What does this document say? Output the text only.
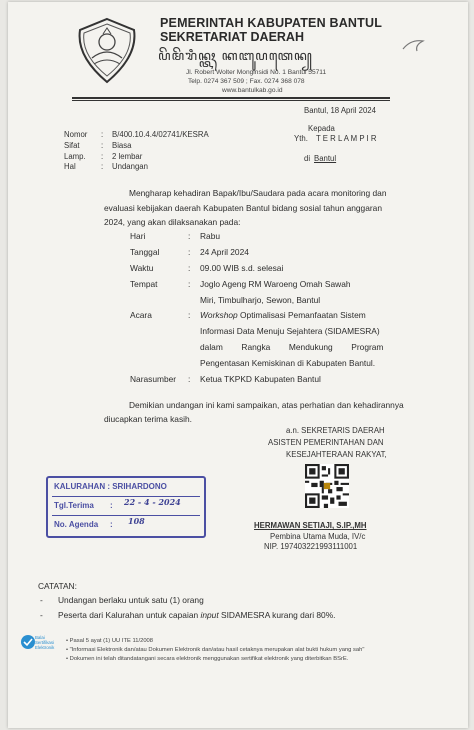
PEMERINTAH KABUPATEN BANTUL
SEKRETARIAT DAERAH
ꦥꦼꦩꦼꦫꦶꦤ꧀ꦠꦃ ꦏꦧꦸꦥꦠꦺꦤ꧀
Jl. Robert Wolter Monginsidi No. 1 Bantul 55711
Telp. 0274 367 509 ; Fax. 0274 368 078
www.bantulkab.go.id
Bantul, 18 April 2024
Kepada
Yth. T E R L A M P I R
di Bantul
Nomor : B/400.10.4.4/02741/KESRA
Sifat	: Biasa
Lamp. : 2 lembar
Hal	: Undangan
Mengharap kehadiran Bapak/Ibu/Saudara pada acara monitoring dan
evaluasi kebijakan daerah Kabupaten Bantul bidang sosial tahun anggaran
2024, yang akan dilaksanakan pada:
Hari	: Rabu
Tanggal	: 24 April 2024
Waktu	: 09.00 WIB s.d. selesai
Tempat	: Joglo Ageng RM Waroeng Omah Sawah
Miri, Timbulharjo, Sewon, Bantul
Acara	: Workshop Optimalisasi Pemanfaatan Sistem
Informasi Data Menuju Sejahtera (SIDAMESRA)
dalam        Rangka        Mendukung        Program
Pengentasan Kemiskinan di Kabupaten Bantul.
Narasumber : Ketua TKPKD Kabupaten Bantul
Demikian undangan ini kami sampaikan, atas perhatian dan kehadirannya
diucapkan terima kasih.
a.n. SEKRETARIS DAERAH
ASISTEN PEMERINTAHAN DAN
KESEJAHTERAAN RAKYAT,
HERMAWAN SETIAJI, S.IP.,MH
Pembina Utama Muda, IV/c
NIP. 197403221993111001
KALURAHAN : SRIHARDONO
Tgl.Terima : 22 - 4 - 2024
No. Agenda : 108
CATATAN:
- Undangan berlaku untuk satu (1) orang
- Peserta dari Kalurahan untuk capaian input SIDAMESRA kurang dari 80%.
Balai Sertifikasi Elektronik
• Pasal 5 ayat (1) UU ITE 11/2008
• "Informasi Elektronik dan/atau Dokumen Elektronik dan/atau hasil cetaknya merupakan alat bukti hukum yang sah"
• Dokumen ini telah ditandatangani secara elektronik menggunakan sertifikat elektronik yang diterbitkan BSrE.
